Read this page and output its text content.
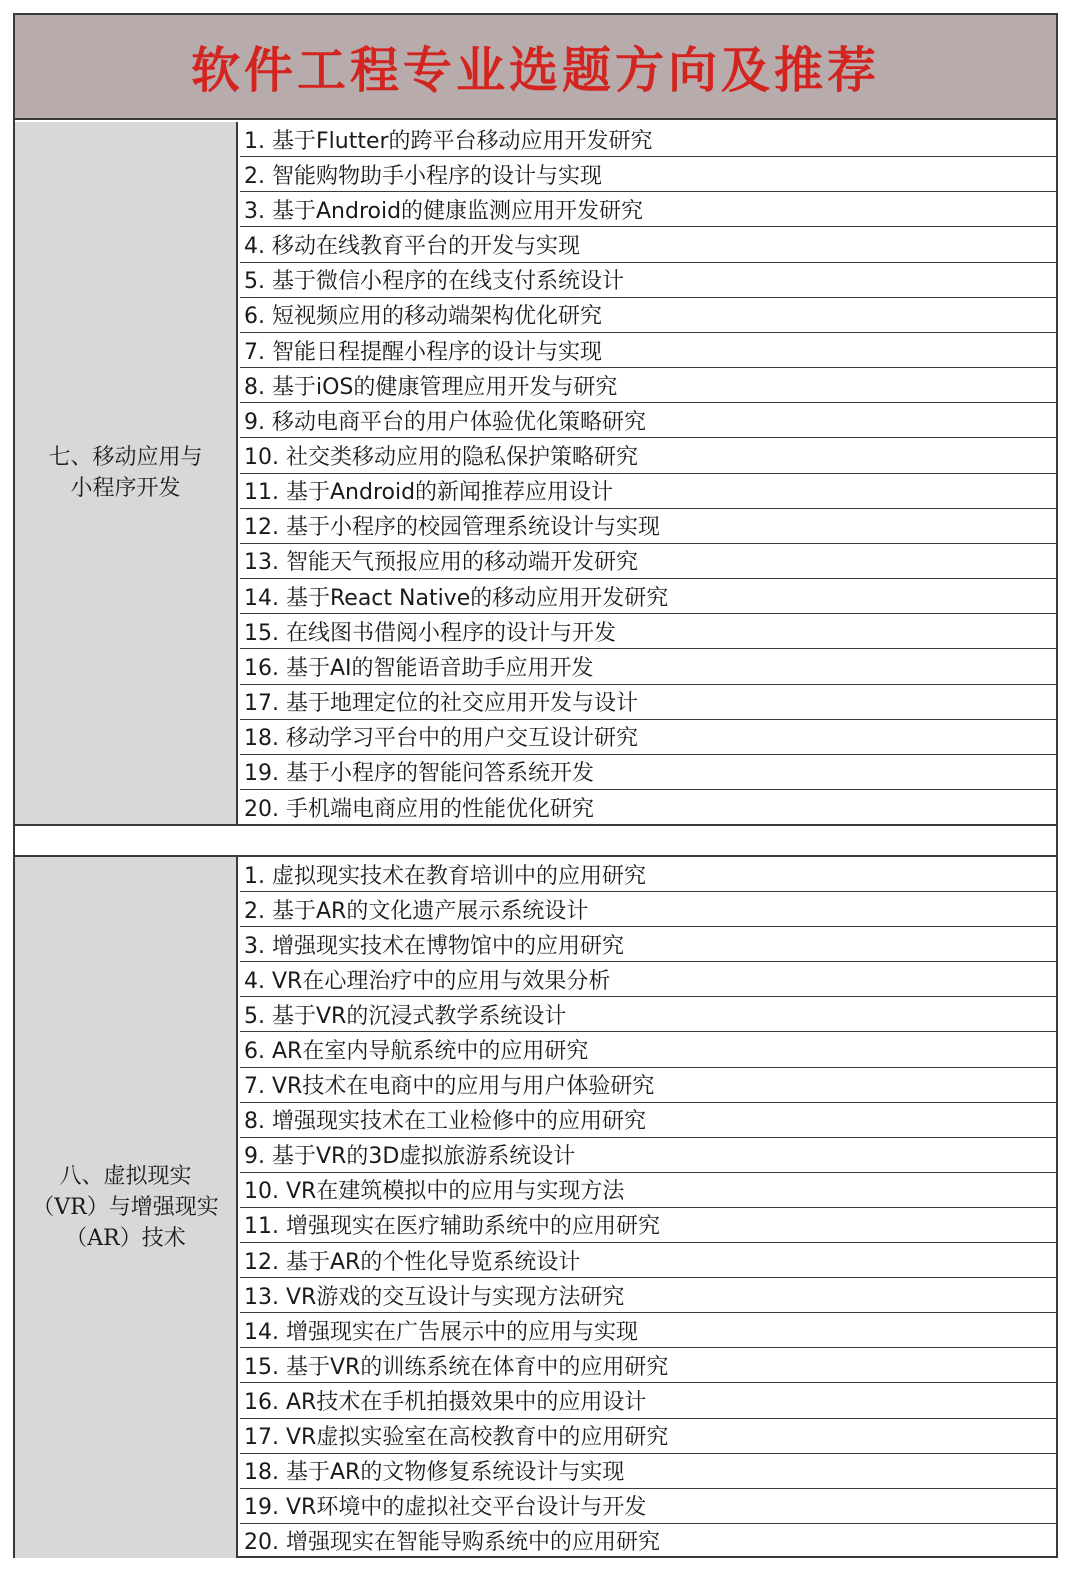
软件工程专业选题方向及推荐
七、移动应用与
小程序开发
1. 基于Flutter的跨平台移动应用开发研究
2. 智能购物助手小程序的设计与实现
3. 基于Android的健康监测应用开发研究
4. 移动在线教育平台的开发与实现
5. 基于微信小程序的在线支付系统设计
6. 短视频应用的移动端架构优化研究
7. 智能日程提醒小程序的设计与实现
8. 基于iOS的健康管理应用开发与研究
9. 移动电商平台的用户体验优化策略研究
10. 社交类移动应用的隐私保护策略研究
11. 基于Android的新闻推荐应用设计
12. 基于小程序的校园管理系统设计与实现
13. 智能天气预报应用的移动端开发研究
14. 基于React Native的移动应用开发研究
15. 在线图书借阅小程序的设计与开发
16. 基于AI的智能语音助手应用开发
17. 基于地理定位的社交应用开发与设计
18. 移动学习平台中的用户交互设计研究
19. 基于小程序的智能问答系统开发
20. 手机端电商应用的性能优化研究
八、虚拟现实
（VR）与增强现实
（AR）技术
1. 虚拟现实技术在教育培训中的应用研究
2. 基于AR的文化遗产展示系统设计
3. 增强现实技术在博物馆中的应用研究
4. VR在心理治疗中的应用与效果分析
5. 基于VR的沉浸式教学系统设计
6. AR在室内导航系统中的应用研究
7. VR技术在电商中的应用与用户体验研究
8. 增强现实技术在工业检修中的应用研究
9. 基于VR的3D虚拟旅游系统设计
10. VR在建筑模拟中的应用与实现方法
11. 增强现实在医疗辅助系统中的应用研究
12. 基于AR的个性化导览系统设计
13. VR游戏的交互设计与实现方法研究
14. 增强现实在广告展示中的应用与实现
15. 基于VR的训练系统在体育中的应用研究
16. AR技术在手机拍摄效果中的应用设计
17. VR虚拟实验室在高校教育中的应用研究
18. 基于AR的文物修复系统设计与实现
19. VR环境中的虚拟社交平台设计与开发
20. 增强现实在智能导购系统中的应用研究
